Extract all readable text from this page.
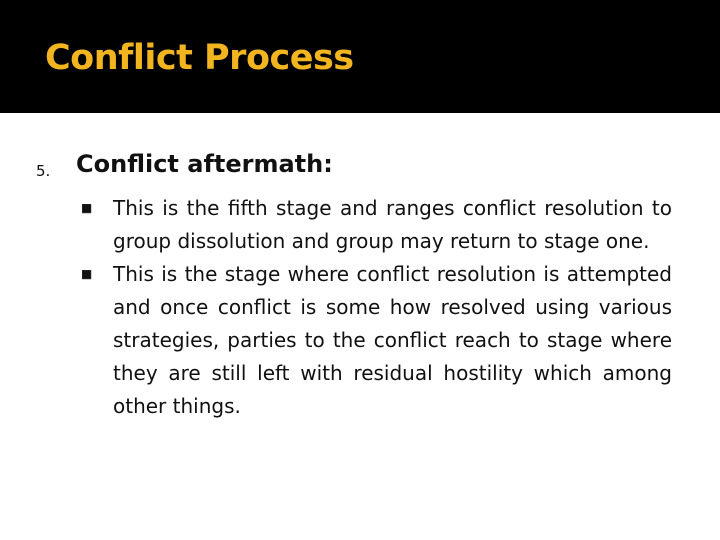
Conflict Process
5.	Conflict aftermath:
This is the fifth stage and ranges conflict resolution to group dissolution and group may return to stage one.
This is the stage where conflict resolution is attempted and once conflict is some how resolved using various strategies, parties to the conflict reach to stage where they are still left with residual hostility which among other things.
